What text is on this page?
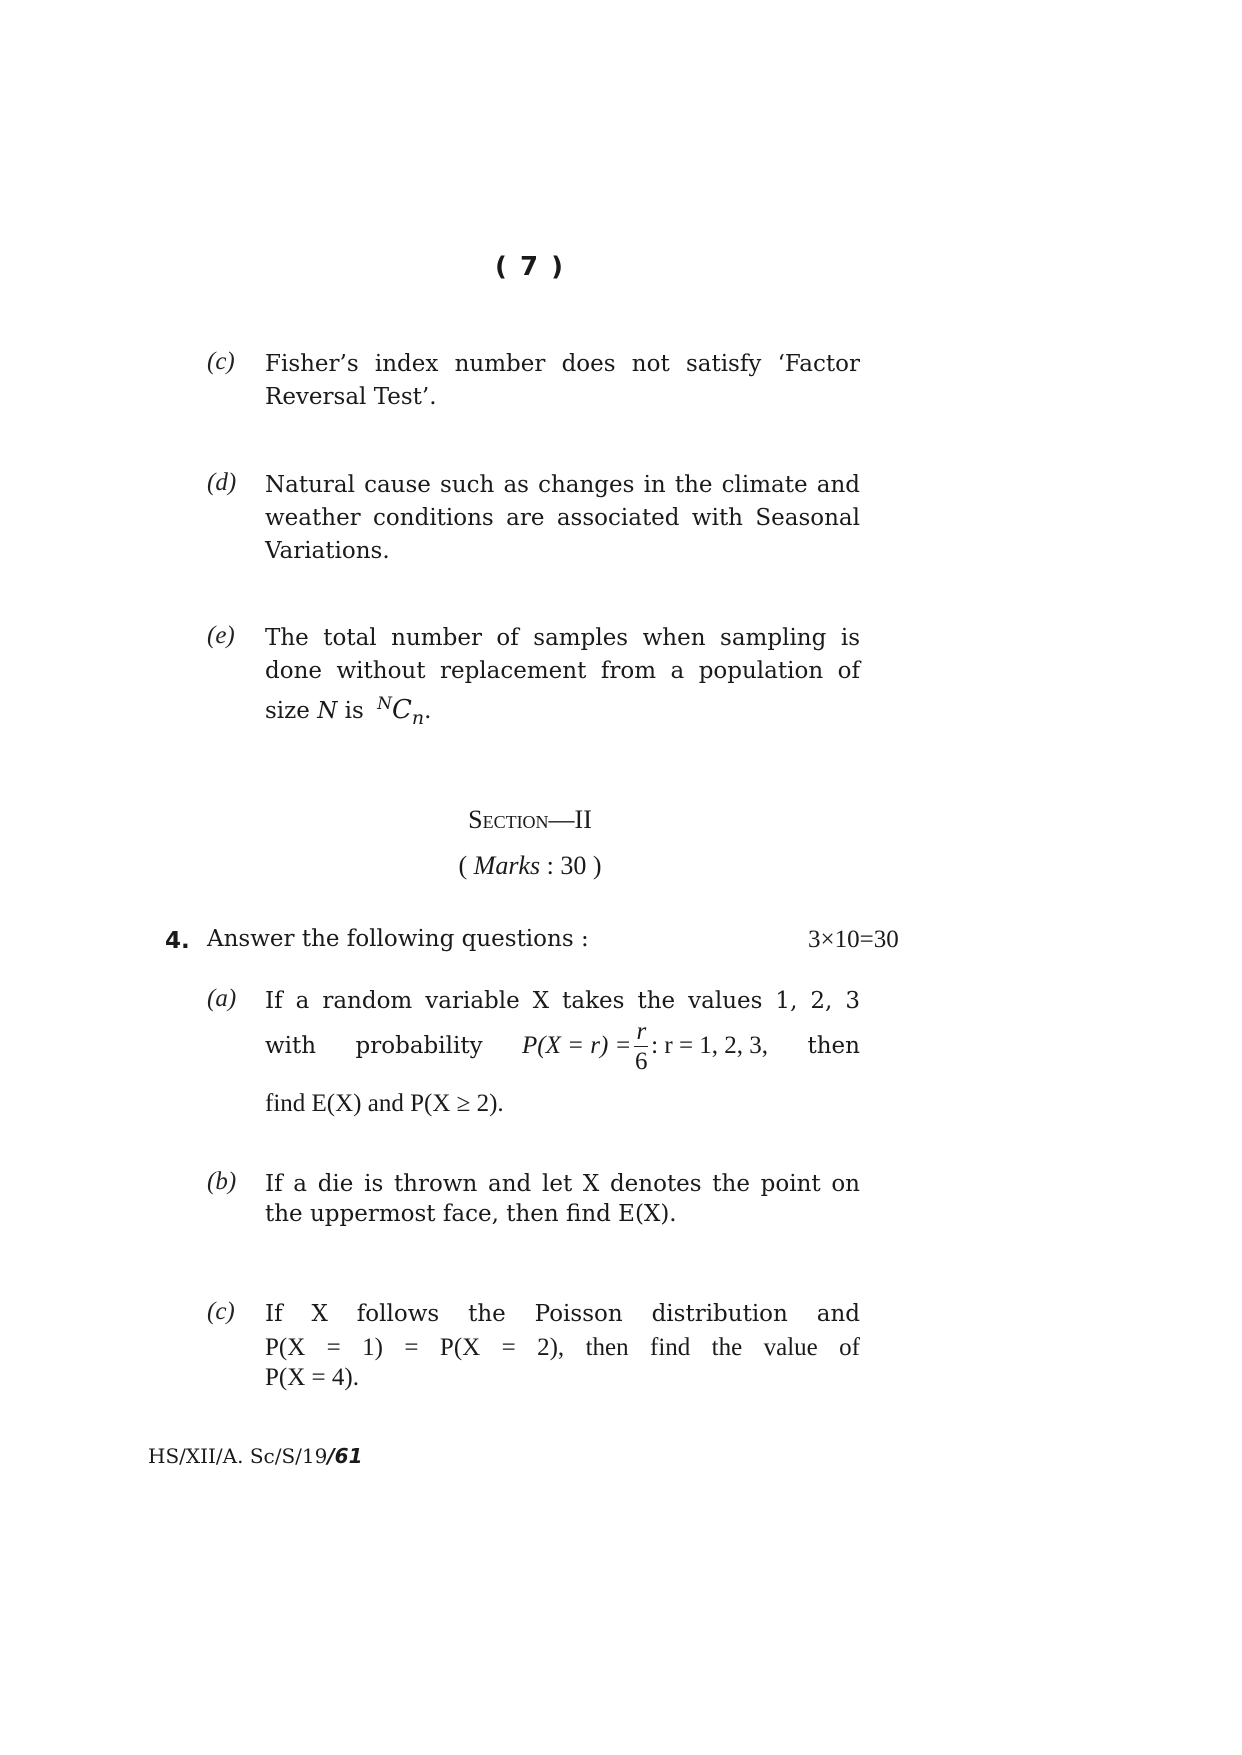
( 7 )
(c) Fisher’s index number does not satisfy ‘Factor Reversal Test’.
(d) Natural cause such as changes in the climate and weather conditions are associated with Seasonal Variations.
(e) The total number of samples when sampling is done without replacement from a population of size N is $^NC_n$.
Section—II
( Marks : 30 )
4. Answer the following questions :	3×10=30
(a) If a random variable X takes the values 1, 2, 3
with probability $P(X = r) = \frac{r}{6}$ : r = 1, 2, 3, then
find E(X) and P(X ≥ 2).
(b) If a die is thrown and let X denotes the point on
the uppermost face, then find E(X).
(c) If X follows the Poisson distribution and
P(X = 1) = P(X = 2), then find the value of
P(X = 4).
HS/XII/A. Sc/S/19/61
